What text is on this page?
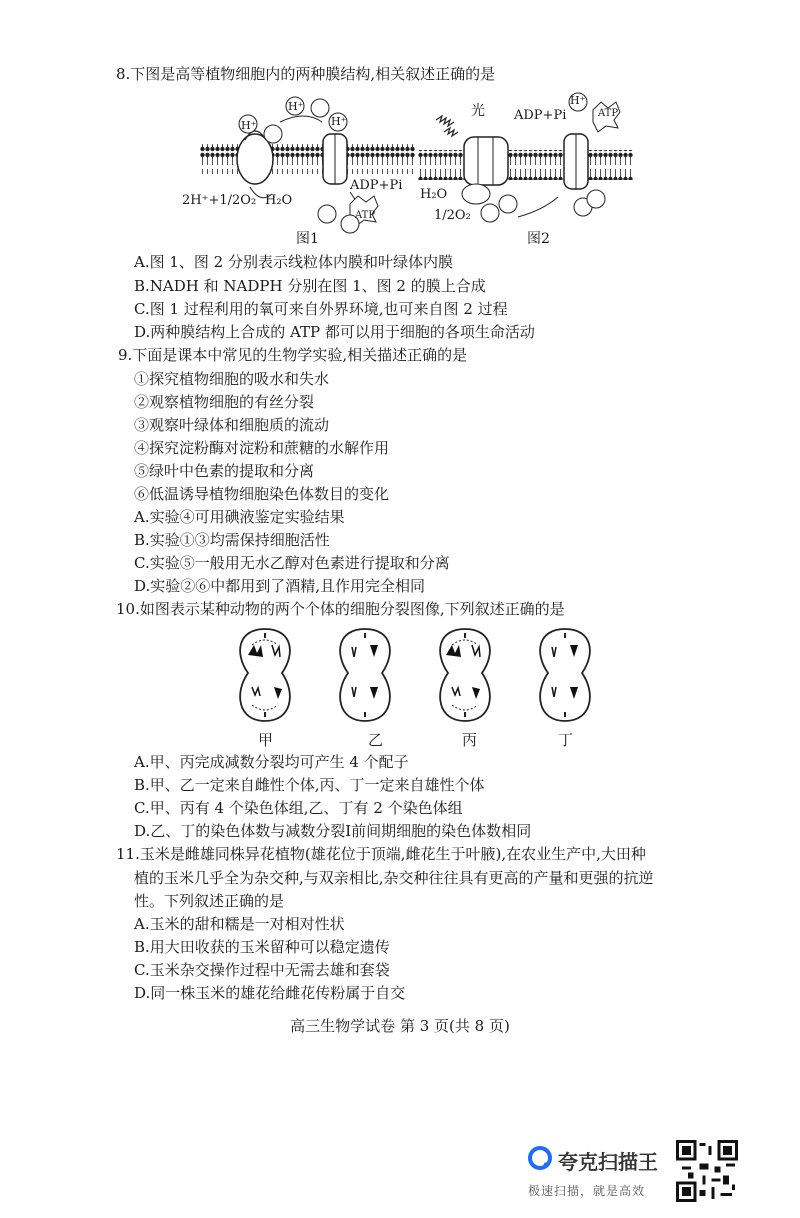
8.下图是高等植物细胞内的两种膜结构,相关叙述正确的是
H⁺
H⁺
H⁺
2H⁺+1/2O₂ H₂O
ADP+Pi
ATP
图1
光 ADP+Pi	ATP
H₂O
1/2O₂
H⁺
图2
A.图 1、图 2 分别表示线粒体内膜和叶绿体内膜
B.NADH 和 NADPH 分别在图 1、图 2 的膜上合成
C.图 1 过程利用的氧可来自外界环境,也可来自图 2 过程
D.两种膜结构上合成的 ATP 都可以用于细胞的各项生命活动
9.下面是课本中常见的生物学实验,相关描述正确的是
①探究植物细胞的吸水和失水
②观察植物细胞的有丝分裂
③观察叶绿体和细胞质的流动
④探究淀粉酶对淀粉和蔗糖的水解作用
⑤绿叶中色素的提取和分离
⑥低温诱导植物细胞染色体数目的变化
A.实验④可用碘液鉴定实验结果
B.实验①③均需保持细胞活性
C.实验⑤一般用无水乙醇对色素进行提取和分离
D.实验②⑥中都用到了酒精,且作用完全相同
10.如图表示某种动物的两个个体的细胞分裂图像,下列叙述正确的是
甲	乙	丙	丁
A.甲、丙完成减数分裂均可产生 4 个配子
B.甲、乙一定来自雌性个体,丙、丁一定来自雄性个体
C.甲、丙有 4 个染色体组,乙、丁有 2 个染色体组
D.乙、丁的染色体数与减数分裂Ⅰ前间期细胞的染色体数相同
11.玉米是雌雄同株异花植物(雄花位于顶端,雌花生于叶腋),在农业生产中,大田种
植的玉米几乎全为杂交种,与双亲相比,杂交种往往具有更高的产量和更强的抗逆
性。下列叙述正确的是
A.玉米的甜和糯是一对相对性状
B.用大田收获的玉米留种可以稳定遗传
C.玉米杂交操作过程中无需去雄和套袋
D.同一株玉米的雄花给雌花传粉属于自交
高三生物学试卷 第 3 页(共 8 页)
夸克扫描王
极速扫描，就是高效
